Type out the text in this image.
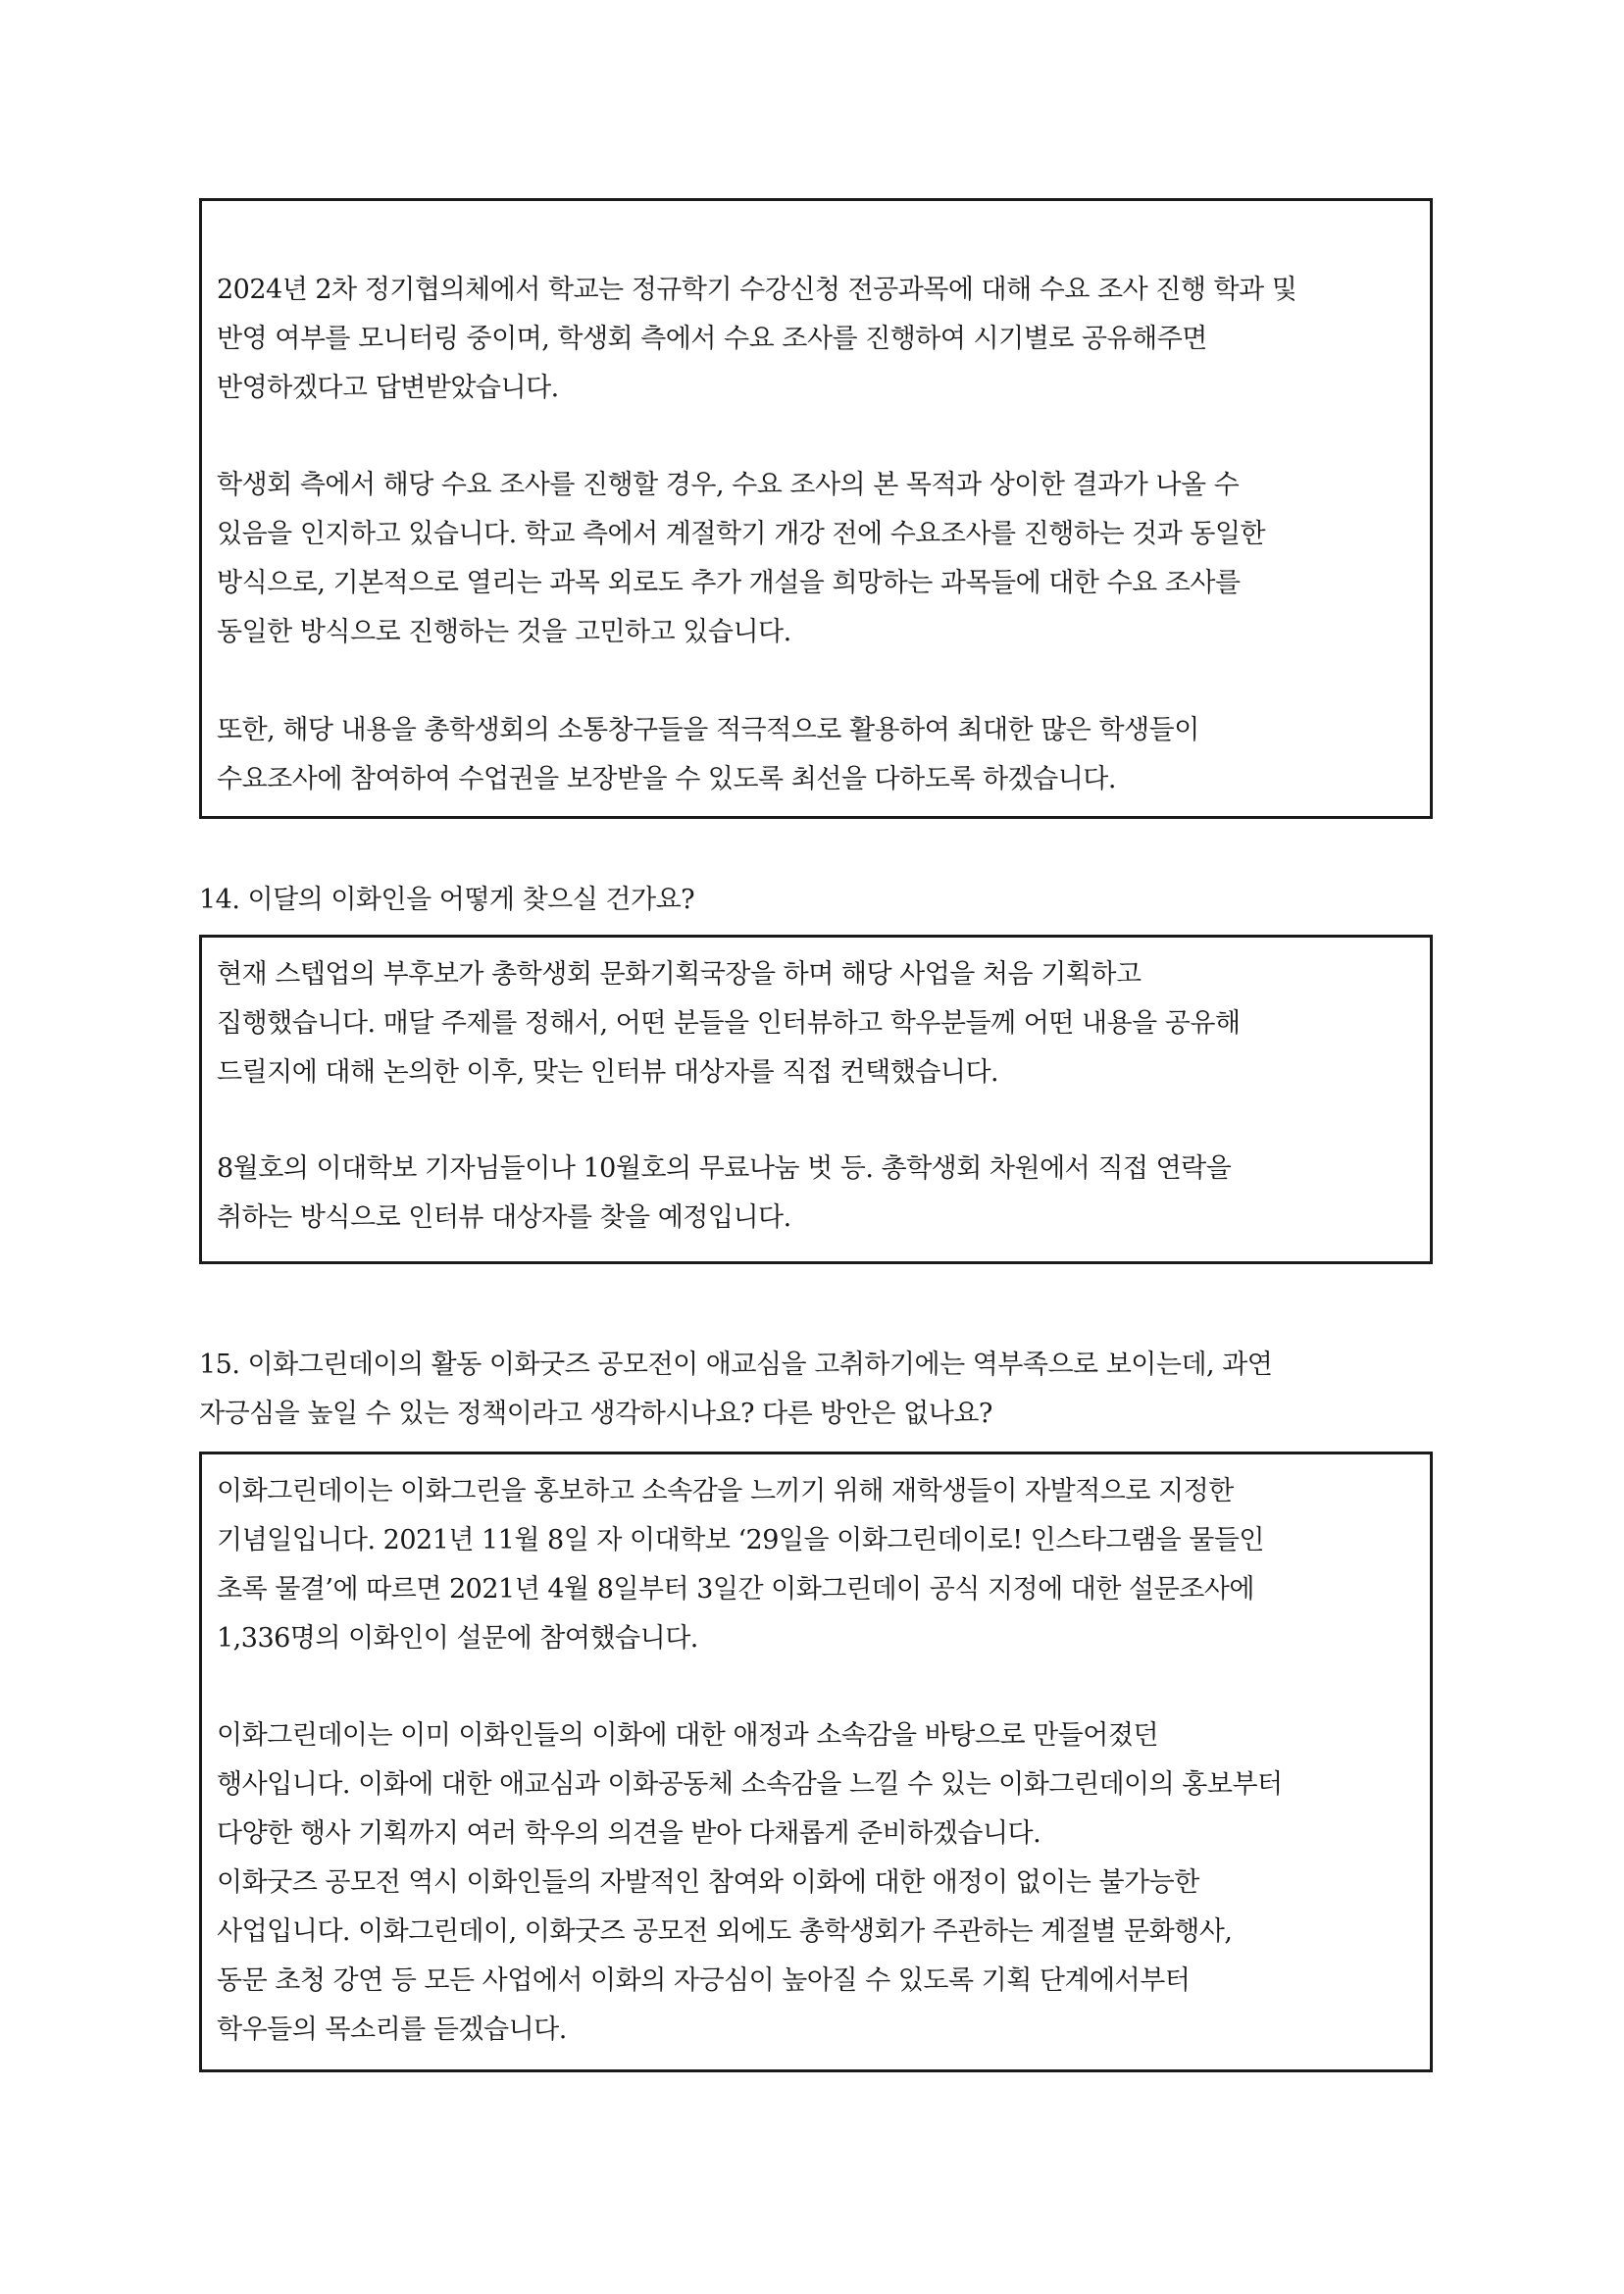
2024년 2차 정기협의체에서 학교는 정규학기 수강신청 전공과목에 대해 수요 조사 진행 학과 및
반영 여부를 모니터링 중이며, 학생회 측에서 수요 조사를 진행하여 시기별로 공유해주면
반영하겠다고 답변받았습니다.
학생회 측에서 해당 수요 조사를 진행할 경우, 수요 조사의 본 목적과 상이한 결과가 나올 수
있음을 인지하고 있습니다. 학교 측에서 계절학기 개강 전에 수요조사를 진행하는 것과 동일한
방식으로, 기본적으로 열리는 과목 외로도 추가 개설을 희망하는 과목들에 대한 수요 조사를
동일한 방식으로 진행하는 것을 고민하고 있습니다.
또한, 해당 내용을 총학생회의 소통창구들을 적극적으로 활용하여 최대한 많은 학생들이
수요조사에 참여하여 수업권을 보장받을 수 있도록 최선을 다하도록 하겠습니다.
14. 이달의 이화인을 어떻게 찾으실 건가요?
현재 스텝업의 부후보가 총학생회 문화기획국장을 하며 해당 사업을 처음 기획하고
집행했습니다. 매달 주제를 정해서, 어떤 분들을 인터뷰하고 학우분들께 어떤 내용을 공유해
드릴지에 대해 논의한 이후, 맞는 인터뷰 대상자를 직접 컨택했습니다.
8월호의 이대학보 기자님들이나 10월호의 무료나눔 벗 등. 총학생회 차원에서 직접 연락을
취하는 방식으로 인터뷰 대상자를 찾을 예정입니다.
15. 이화그린데이의 활동 이화굿즈 공모전이 애교심을 고취하기에는 역부족으로 보이는데, 과연
자긍심을 높일 수 있는 정책이라고 생각하시나요? 다른 방안은 없나요?
이화그린데이는 이화그린을 홍보하고 소속감을 느끼기 위해 재학생들이 자발적으로 지정한
기념일입니다. 2021년 11월 8일 자 이대학보 ‘29일을 이화그린데이로! 인스타그램을 물들인
초록 물결’에 따르면 2021년 4월 8일부터 3일간 이화그린데이 공식 지정에 대한 설문조사에
1,336명의 이화인이 설문에 참여했습니다.
이화그린데이는 이미 이화인들의 이화에 대한 애정과 소속감을 바탕으로 만들어졌던
행사입니다. 이화에 대한 애교심과 이화공동체 소속감을 느낄 수 있는 이화그린데이의 홍보부터
다양한 행사 기획까지 여러 학우의 의견을 받아 다채롭게 준비하겠습니다.
이화굿즈 공모전 역시 이화인들의 자발적인 참여와 이화에 대한 애정이 없이는 불가능한
사업입니다. 이화그린데이, 이화굿즈 공모전 외에도 총학생회가 주관하는 계절별 문화행사,
동문 초청 강연 등 모든 사업에서 이화의 자긍심이 높아질 수 있도록 기획 단계에서부터
학우들의 목소리를 듣겠습니다.
